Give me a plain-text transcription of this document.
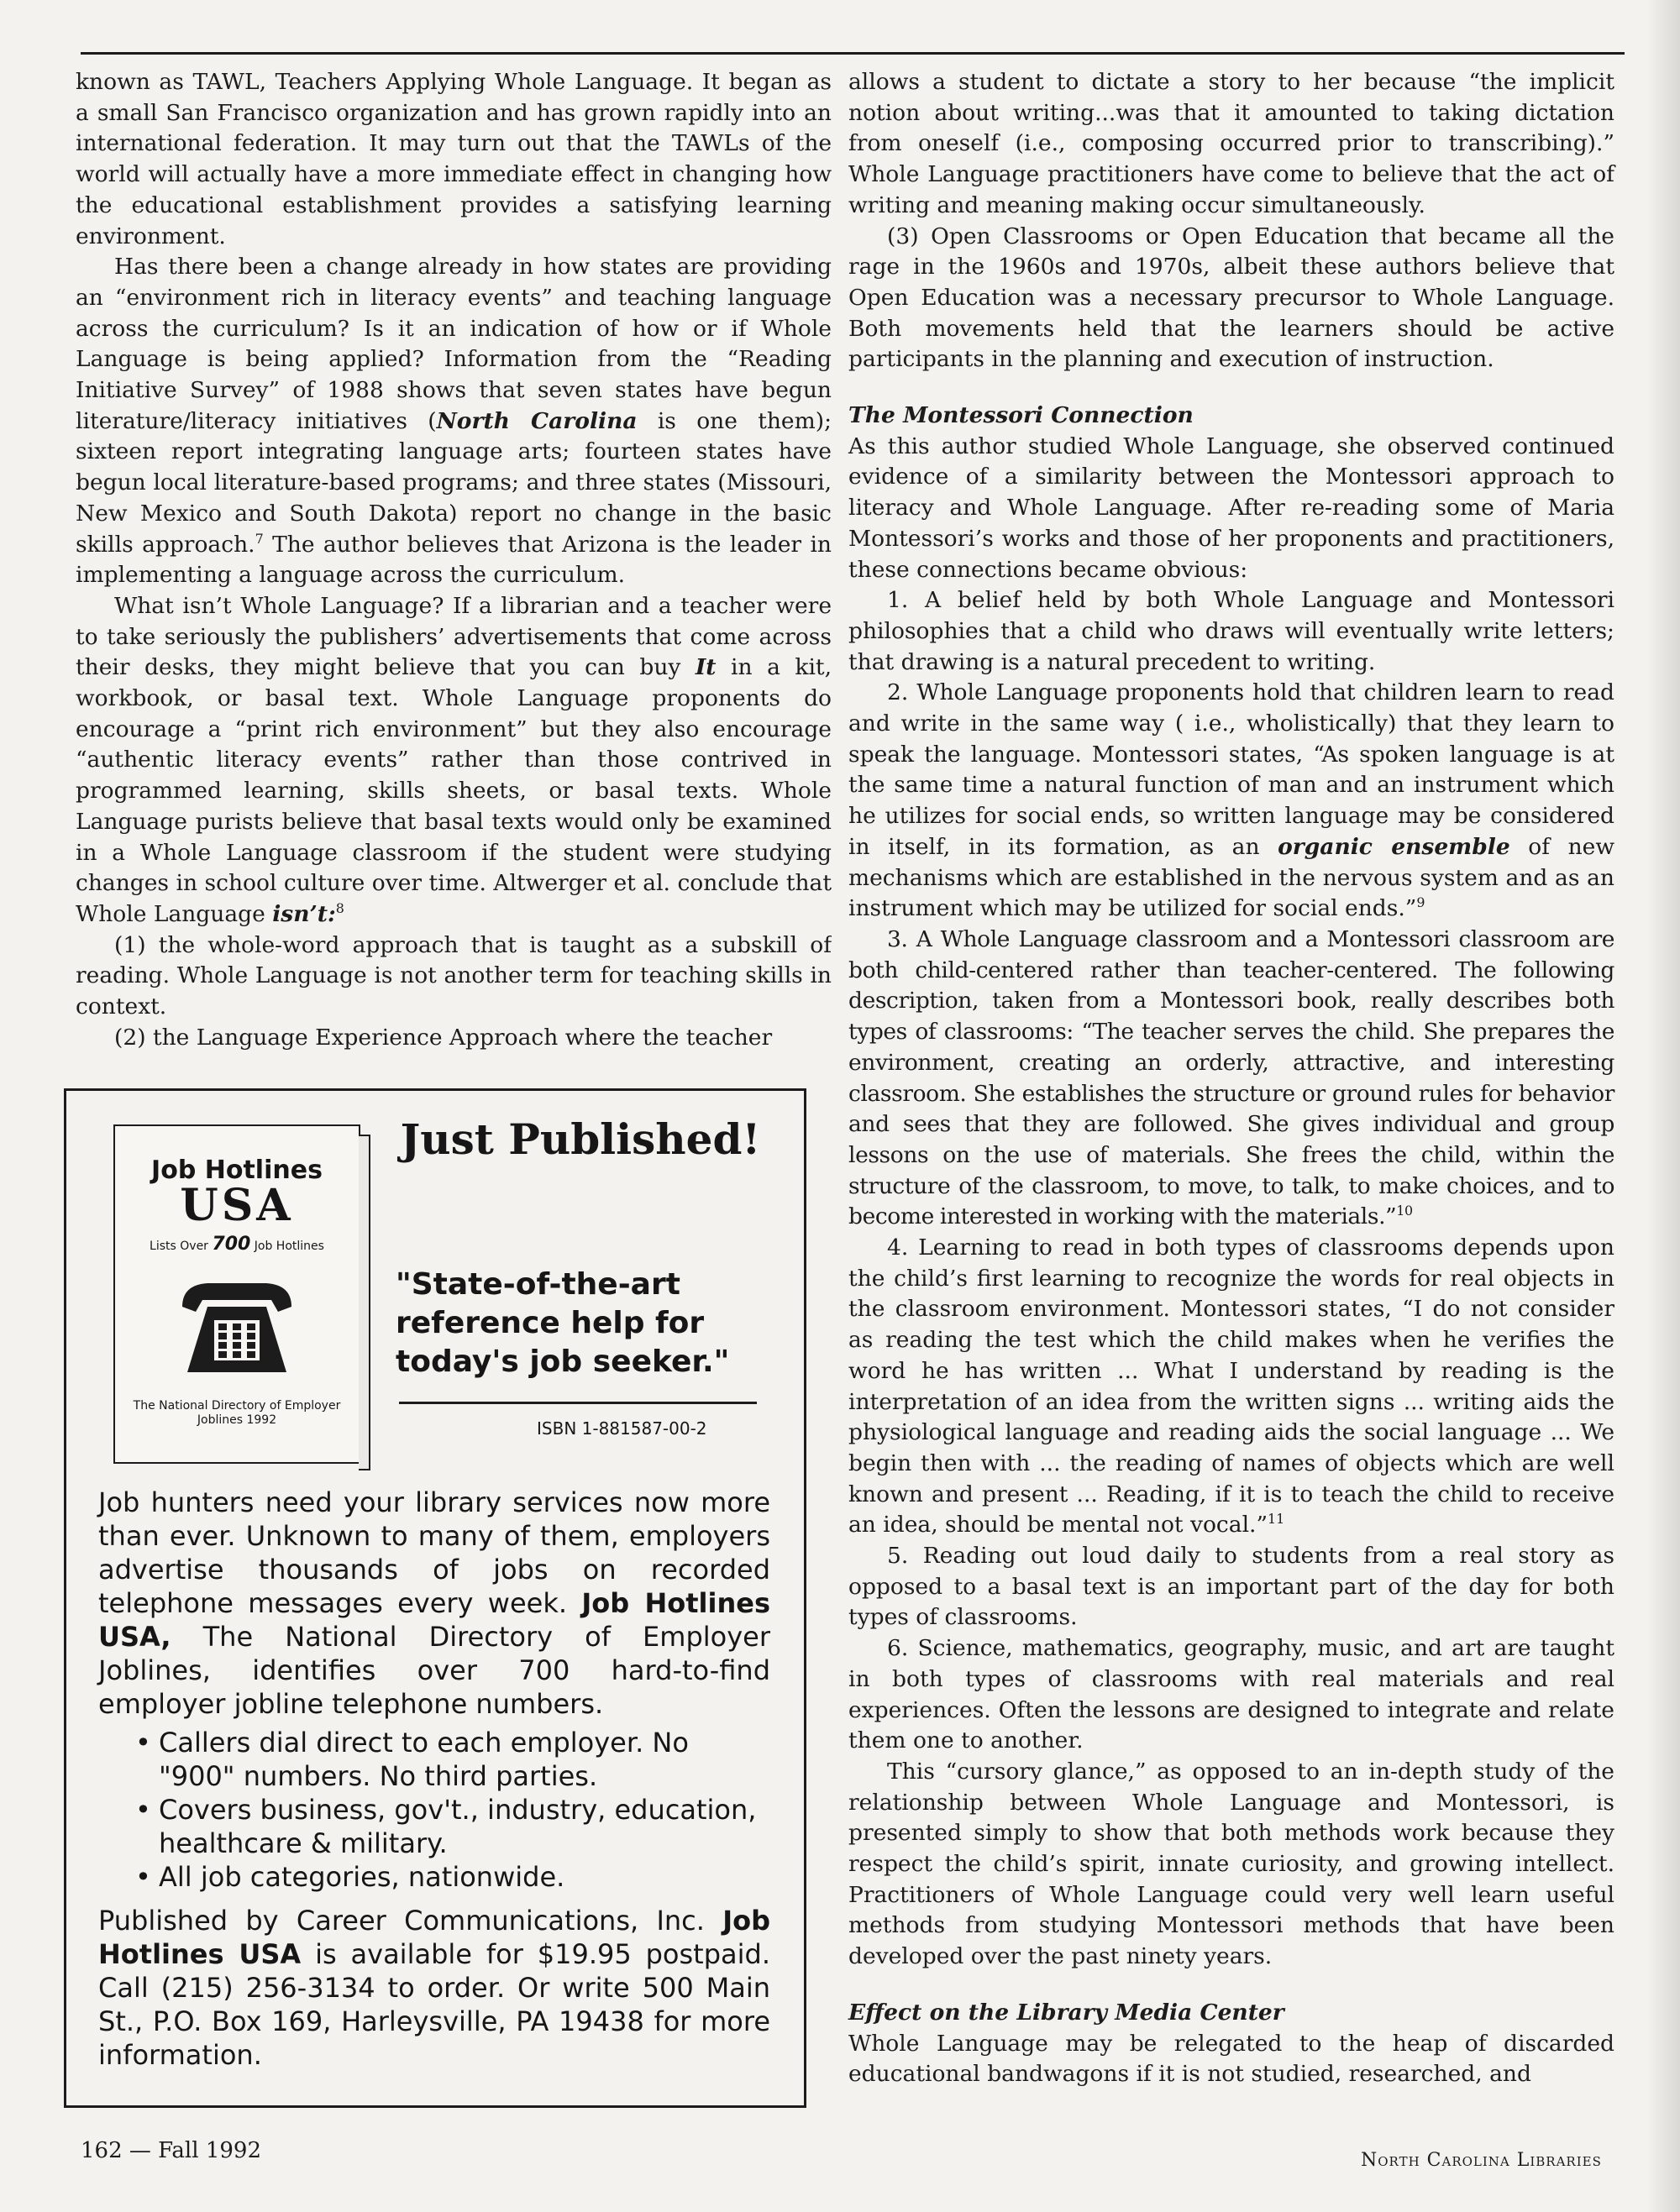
known as TAWL, Teachers Applying Whole Language. It began as a small San Francisco organization and has grown rapidly into an international federation. It may turn out that the TAWLs of the world will actually have a more immediate effect in changing how the educational establishment provides a satisfying learning environment.

Has there been a change already in how states are providing an “environment rich in literacy events” and teaching language across the curriculum? Is it an indication of how or if Whole Language is being applied? Information from the “Reading Initiative Survey” of 1988 shows that seven states have begun literature/literacy initiatives (North Carolina is one them); sixteen report integrating language arts; fourteen states have begun local literature-based programs; and three states (Missouri, New Mexico and South Dakota) report no change in the basic skills approach.$^7$ The author believes that Arizona is the leader in implementing a language across the curriculum.

What isn’t Whole Language? If a librarian and a teacher were to take seriously the publishers’ advertisements that come across their desks, they might believe that you can buy It in a kit, workbook, or basal text. Whole Language proponents do encourage a “print rich environment” but they also encourage “authentic literacy events” rather than those contrived in programmed learning, skills sheets, or basal texts. Whole Language purists believe that basal texts would only be examined in a Whole Language classroom if the student were studying changes in school culture over time. Altwerger et al. conclude that Whole Language isn’t:$^8$

(1) the whole-word approach that is taught as a subskill of reading. Whole Language is not another term for teaching skills in context.

(2) the Language Experience Approach where the teacher

Job Hotlines
USA
Lists Over 700 Job Hotlines
The National Directory of Employer Joblines 1992
Just Published!
"State-of-the-art reference help for today's job seeker."
ISBN 1-881587-00-2

Job hunters need your library services now more than ever. Unknown to many of them, employers advertise thousands of jobs on recorded telephone messages every week. Job Hotlines USA, The National Directory of Employer Joblines, identifies over 700 hard-to-find employer jobline telephone numbers.

• Callers dial direct to each employer. No "900" numbers. No third parties.
• Covers business, gov't., industry, education, healthcare & military.
• All job categories, nationwide.

Published by Career Communications, Inc. Job Hotlines USA is available for $19.95 postpaid. Call (215) 256-3134 to order. Or write 500 Main St., P.O. Box 169, Harleysville, PA 19438 for more information.

allows a student to dictate a story to her because “the implicit notion about writing...was that it amounted to taking dictation from oneself (i.e., composing occurred prior to transcribing).” Whole Language practitioners have come to believe that the act of writing and meaning making occur simultaneously.

(3) Open Classrooms or Open Education that became all the rage in the 1960s and 1970s, albeit these authors believe that Open Education was a necessary precursor to Whole Language. Both movements held that the learners should be active participants in the planning and execution of instruction.

The Montessori Connection

As this author studied Whole Language, she observed continued evidence of a similarity between the Montessori approach to literacy and Whole Language. After re-reading some of Maria Montessori’s works and those of her proponents and practitioners, these connections became obvious:

1. A belief held by both Whole Language and Montessori philosophies that a child who draws will eventually write letters; that drawing is a natural precedent to writing.

2. Whole Language proponents hold that children learn to read and write in the same way ( i.e., wholistically) that they learn to speak the language. Montessori states, “As spoken language is at the same time a natural function of man and an instrument which he utilizes for social ends, so written language may be considered in itself, in its formation, as an organic ensemble of new mechanisms which are established in the nervous system and as an instrument which may be utilized for social ends.”$^9$

3. A Whole Language classroom and a Montessori classroom are both child-centered rather than teacher-centered. The following description, taken from a Montessori book, really describes both types of classrooms: “The teacher serves the child. She prepares the environment, creating an orderly, attractive, and interesting classroom. She establishes the structure or ground rules for behavior and sees that they are followed. She gives individual and group lessons on the use of materials. She frees the child, within the structure of the classroom, to move, to talk, to make choices, and to become interested in working with the materials.”$^{10}$

4. Learning to read in both types of classrooms depends upon the child’s first learning to recognize the words for real objects in the classroom environment. Montessori states, “I do not consider as reading the test which the child makes when he verifies the word he has written ... What I understand by reading is the interpretation of an idea from the written signs ... writing aids the physiological language and reading aids the social language ... We begin then with ... the reading of names of objects which are well known and present ... Reading, if it is to teach the child to receive an idea, should be mental not vocal.”$^{11}$

5. Reading out loud daily to students from a real story as opposed to a basal text is an important part of the day for both types of classrooms.

6. Science, mathematics, geography, music, and art are taught in both types of classrooms with real materials and real experiences. Often the lessons are designed to integrate and relate them one to another.

This “cursory glance,” as opposed to an in-depth study of the relationship between Whole Language and Montessori, is presented simply to show that both methods work because they respect the child’s spirit, innate curiosity, and growing intellect. Practitioners of Whole Language could very well learn useful methods from studying Montessori methods that have been developed over the past ninety years.

Effect on the Library Media Center

Whole Language may be relegated to the heap of discarded educational bandwagons if it is not studied, researched, and

162 — Fall 1992	North Carolina Libraries
